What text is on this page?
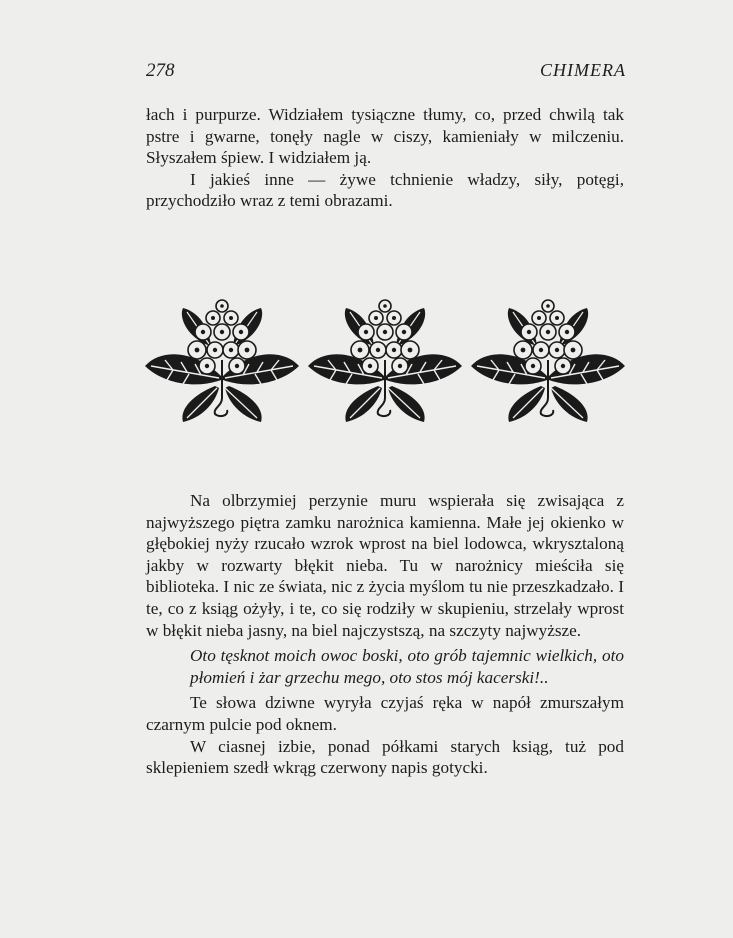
278	CHIMERA

łach i purpurze. Widziałem tysiączne tłumy, co, przed chwilą tak pstre i gwarne, tonęły nagle w ciszy, kamieniały w milczeniu. Słyszałem śpiew. I widziałem ją.

I jakieś inne — żywe tchnienie władzy, siły, potęgi, przychodziło wraz z temi obrazami.

Na olbrzymiej perzynie muru wspierała się zwisająca z najwyższego piętra zamku narożnica kamienna. Małe jej okienko w głębokiej nyży rzucało wzrok wprost na biel lodowca, wkrysztaloną jakby w rozwarty błękit nieba. Tu w narożnicy mieściła się biblioteka. I nic ze świata, nic z życia myślom tu nie przeszkadzało. I te, co z ksiąg ożyły, i te, co się rodziły w skupieniu, strzelały wprost w błękit nieba jasny, na biel najczystszą, na szczyty najwyższe.

Oto tęsknot moich owoc boski, oto grób tajemnic wielkich, oto płomień i żar grzechu mego, oto stos mój kacerski!..

Te słowa dziwne wyryła czyjaś ręka w napół zmurszałym czarnym pulcie pod oknem.

W ciasnej izbie, ponad półkami starych ksiąg, tuż pod sklepieniem szedł wkrąg czerwony napis gotycki.
